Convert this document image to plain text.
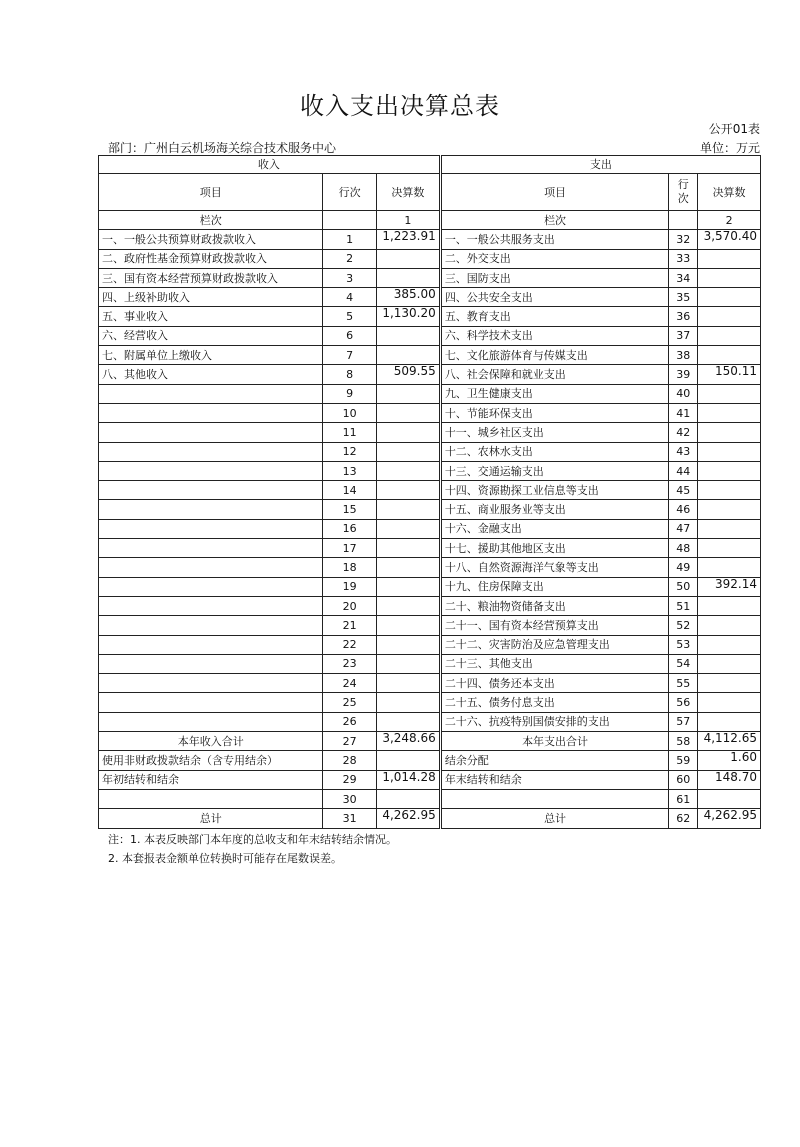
收入支出决算总表
公开01表
部门：广州白云机场海关综合技术服务中心	单位：万元
收入				支出		
项目	行次	决算数		项目	行次	决算数
栏次		1		栏次		2
一、一般公共预算财政拨款收入	1	1,223.91		一、一般公共服务支出	32	3,570.40
二、政府性基金预算财政拨款收入	2			二、外交支出	33	
三、国有资本经营预算财政拨款收入	3			三、国防支出	34	
四、上级补助收入	4	385.00		四、公共安全支出	35	
五、事业收入	5	1,130.20		五、教育支出	36	
六、经营收入	6			六、科学技术支出	37	
七、附属单位上缴收入	7			七、文化旅游体育与传媒支出	38	
八、其他收入	8	509.55		八、社会保障和就业支出	39	150.11
	9			九、卫生健康支出	40	
	10			十、节能环保支出	41	
	11			十一、城乡社区支出	42	
	12			十二、农林水支出	43	
	13			十三、交通运输支出	44	
	14			十四、资源勘探工业信息等支出	45	
	15			十五、商业服务业等支出	46	
	16			十六、金融支出	47	
	17			十七、援助其他地区支出	48	
	18			十八、自然资源海洋气象等支出	49	
	19			十九、住房保障支出	50	392.14
	20			二十、粮油物资储备支出	51	
	21			二十一、国有资本经营预算支出	52	
	22			二十二、灾害防治及应急管理支出	53	
	23			二十三、其他支出	54	
	24			二十四、债务还本支出	55	
	25			二十五、债务付息支出	56	
	26			二十六、抗疫特别国债安排的支出	57	
本年收入合计	27	3,248.66		本年支出合计	58	4,112.65
使用非财政拨款结余（含专用结余）	28			结余分配	59	1.60
年初结转和结余	29	1,014.28		年末结转和结余	60	148.70
	30				61	
总计	31	4,262.95		总计	62	4,262.95
注：1. 本表反映部门本年度的总收支和年末结转结余情况。
2. 本套报表金额单位转换时可能存在尾数误差。
